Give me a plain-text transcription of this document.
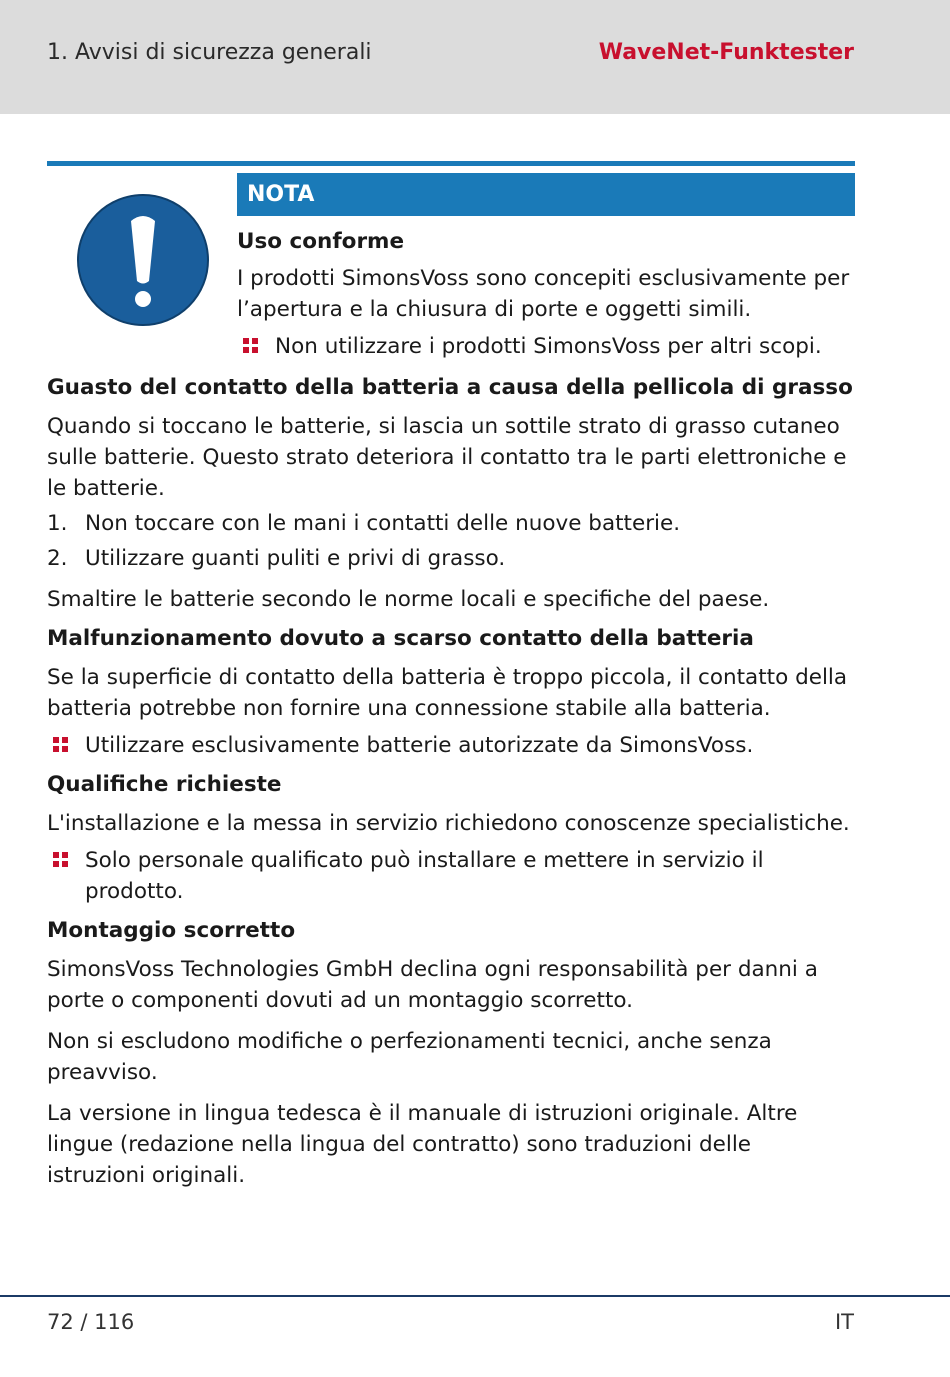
1. Avvisi di sicurezza generali	WaveNet-Funktester
NOTA
Uso conforme

I prodotti SimonsVoss sono concepiti esclusivamente per l’apertura e la chiusura di porte e oggetti simili.

Non utilizzare i prodotti SimonsVoss per altri scopi.
Guasto del contatto della batteria a causa della pellicola di grasso

Quando si toccano le batterie, si lascia un sottile strato di grasso cutaneo sulle batterie. Questo strato deteriora il contatto tra le parti elettroniche e le batterie.

1. Non toccare con le mani i contatti delle nuove batterie.
2. Utilizzare guanti puliti e privi di grasso.

Smaltire le batterie secondo le norme locali e specifiche del paese.

Malfunzionamento dovuto a scarso contatto della batteria

Se la superficie di contatto della batteria è troppo piccola, il contatto della batteria potrebbe non fornire una connessione stabile alla batteria.

Utilizzare esclusivamente batterie autorizzate da SimonsVoss.
Qualifiche richieste

L'installazione e la messa in servizio richiedono conoscenze specialistiche.

Solo personale qualificato può installare e mettere in servizio il prodotto.
Montaggio scorretto

SimonsVoss Technologies GmbH declina ogni responsabilità per danni a porte o componenti dovuti ad un montaggio scorretto.

Non si escludono modifiche o perfezionamenti tecnici, anche senza preavviso.

La versione in lingua tedesca è il manuale di istruzioni originale. Altre lingue (redazione nella lingua del contratto) sono traduzioni delle istruzioni originali.

72 / 116	IT
